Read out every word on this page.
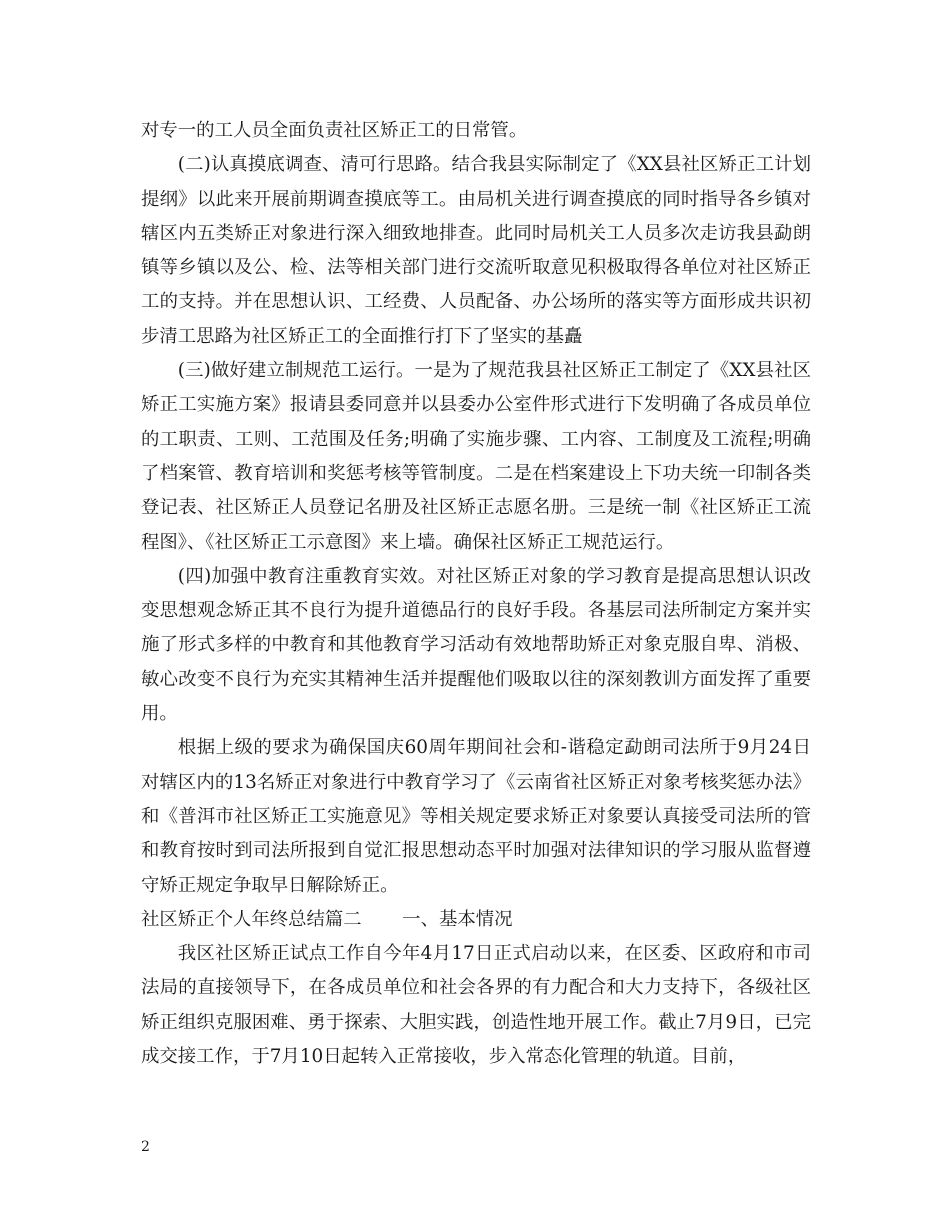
对专一的工人员全面负责社区矫正工的日常管。

(二)认真摸底调查、清可行思路。结合我县实际制定了《XX县社区矫正工计划提纲》以此来开展前期调查摸底等工。由局机关进行调查摸底的同时指导各乡镇对辖区内五类矫正对象进行深入细致地排查。此同时局机关工人员多次走访我县勐朗镇等乡镇以及公、检、法等相关部门进行交流听取意见积极取得各单位对社区矫正工的支持。并在思想认识、工经费、人员配备、办公场所的落实等方面形成共识初步清工思路为社区矫正工的全面推行打下了坚实的基矗

(三)做好建立制规范工运行。一是为了规范我县社区矫正工制定了《XX县社区矫正工实施方案》报请县委同意并以县委办公室件形式进行下发明确了各成员单位的工职责、工则、工范围及任务;明确了实施步骤、工内容、工制度及工流程;明确了档案管、教育培训和奖惩考核等管制度。二是在档案建设上下功夫统一印制各类登记表、社区矫正人员登记名册及社区矫正志愿名册。三是统一制《社区矫正工流程图》、《社区矫正工示意图》来上墙。确保社区矫正工规范运行。

(四)加强中教育注重教育实效。对社区矫正对象的学习教育是提高思想认识改变思想观念矫正其不良行为提升道德品行的良好手段。各基层司法所制定方案并实施了形式多样的中教育和其他教育学习活动有效地帮助矫正对象克服自卑、消极、敏心改变不良行为充实其精神生活并提醒他们吸取以往的深刻教训方面发挥了重要用。

根据上级的要求为确保国庆60周年期间社会和-谐稳定勐朗司法所于9月24日对辖区内的13名矫正对象进行中教育学习了《云南省社区矫正对象考核奖惩办法》和《普洱市社区矫正工实施意见》等相关规定要求矫正对象要认真接受司法所的管和教育按时到司法所报到自觉汇报思想动态平时加强对法律知识的学习服从监督遵守矫正规定争取早日解除矫正。

社区矫正个人年终总结篇二 一、基本情况

我区社区矫正试点工作自今年4月17日正式启动以来，在区委、区政府和市司法局的直接领导下，在各成员单位和社会各界的有力配合和大力支持下，各级社区矫正组织克服困难、勇于探索、大胆实践，创造性地开展工作。截止7月9日，已完成交接工作，于7月10日起转入正常接收，步入常态化管理的轨道。目前，

2
